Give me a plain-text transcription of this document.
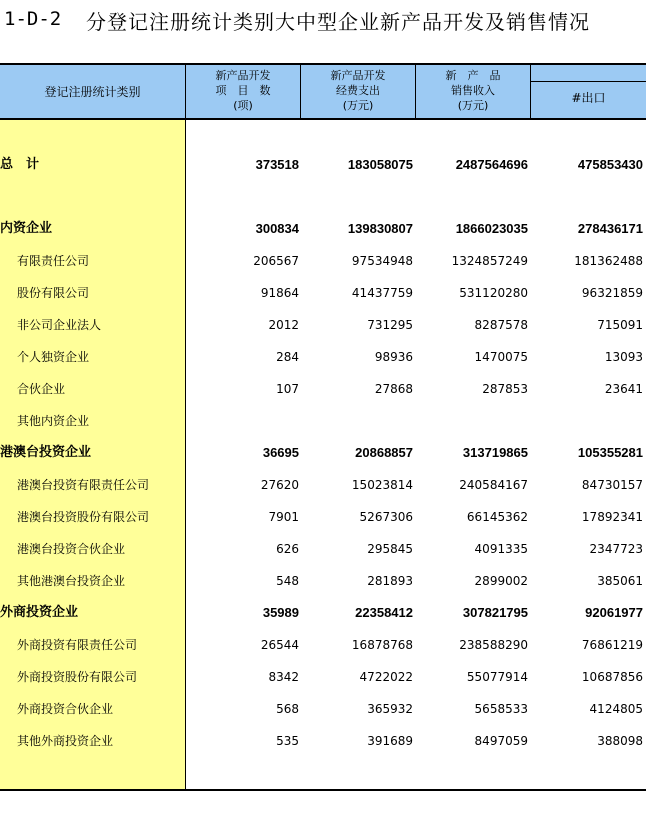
1-D-2 分登记注册统计类别大中型企业新产品开发及销售情况
登记注册统计类别
新产品开发
项　目　数
(项)
新产品开发
经费支出
(万元)
新　产　品
销售收入
(万元)
#出口
总　计	373518	183058075	2487564696	475853430
内资企业	300834	139830807	1866023035	278436171
有限责任公司	206567	97534948	1324857249	181362488
股份有限公司	91864	41437759	531120280	96321859
非公司企业法人	2012	731295	8287578	715091
个人独资企业	284	98936	1470075	13093
合伙企业	107	27868	287853	23641
其他内资企业
港澳台投资企业	36695	20868857	313719865	105355281
港澳台投资有限责任公司	27620	15023814	240584167	84730157
港澳台投资股份有限公司	7901	5267306	66145362	17892341
港澳台投资合伙企业	626	295845	4091335	2347723
其他港澳台投资企业	548	281893	2899002	385061
外商投资企业	35989	22358412	307821795	92061977
外商投资有限责任公司	26544	16878768	238588290	76861219
外商投资股份有限公司	8342	4722022	55077914	10687856
外商投资合伙企业	568	365932	5658533	4124805
其他外商投资企业	535	391689	8497059	388098
